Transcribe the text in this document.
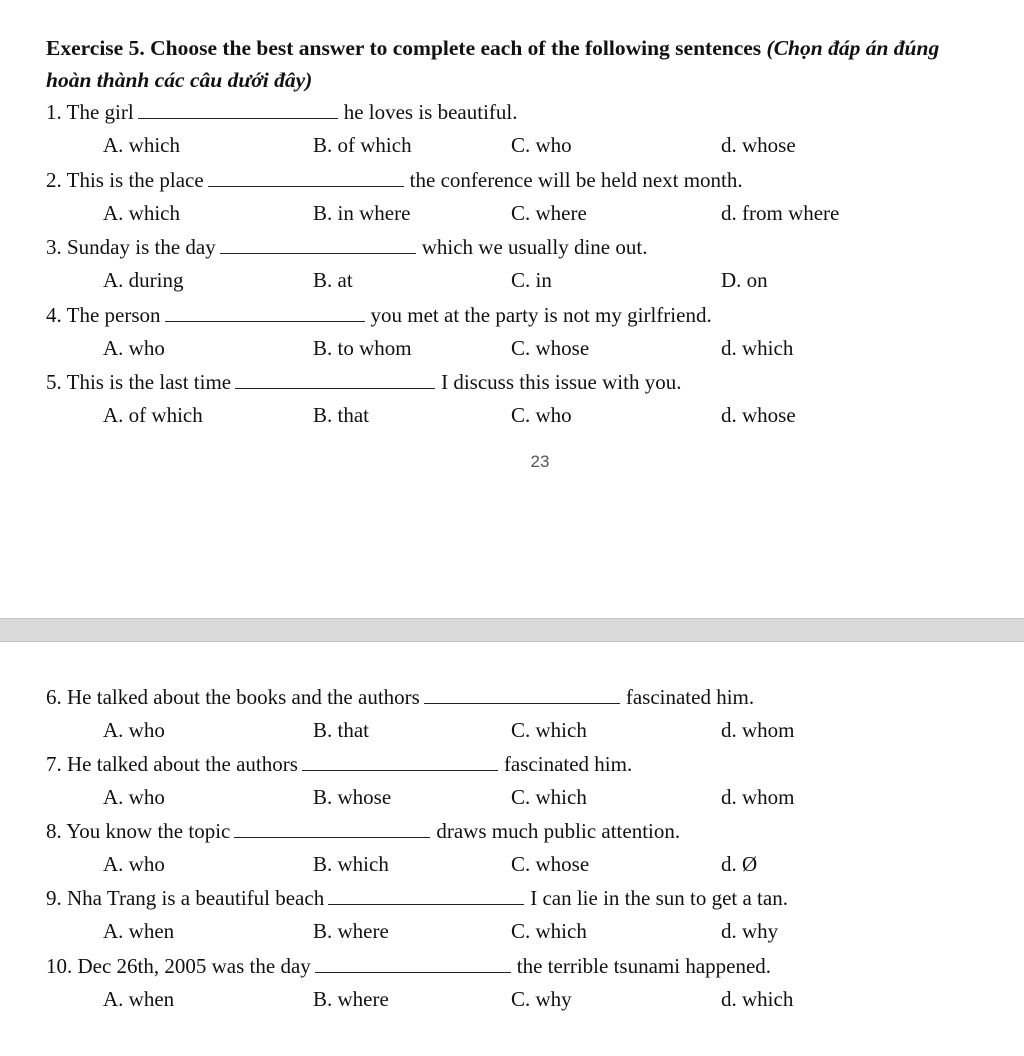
Exercise 5. Choose the best answer to complete each of the following sentences (Chọn đáp án đúng
hoàn thành các câu dưới đây)
23
1. The girl	he loves is beautiful.
A. which	B. of which	C. who	d. whose
2. This is the place	the conference will be held next month.
A. which	B. in where	C. where	d. from where
3. Sunday is the day	which we usually dine out.
A. during	B. at	C. in	D. on
4. The person	you met at the party is not my girlfriend.
A. who	B. to whom	C. whose	d. which
5. This is the last time	I discuss this issue with you.
A. of which	B. that	C. who	d. whose
6. He talked about the books and the authors	fascinated him.
A. who	B. that	C. which	d. whom
7. He talked about the authors	fascinated him.
A. who	B. whose	C. which	d. whom
8. You know the topic	draws much public attention.
A. who	B. which	C. whose	d. Ø
9. Nha Trang is a beautiful beach	I can lie in the sun to get a tan.
A. when	B. where	C. which	d. why
10. Dec 26th, 2005 was the day	the terrible tsunami happened.
A. when	B. where	C. why	d. which
